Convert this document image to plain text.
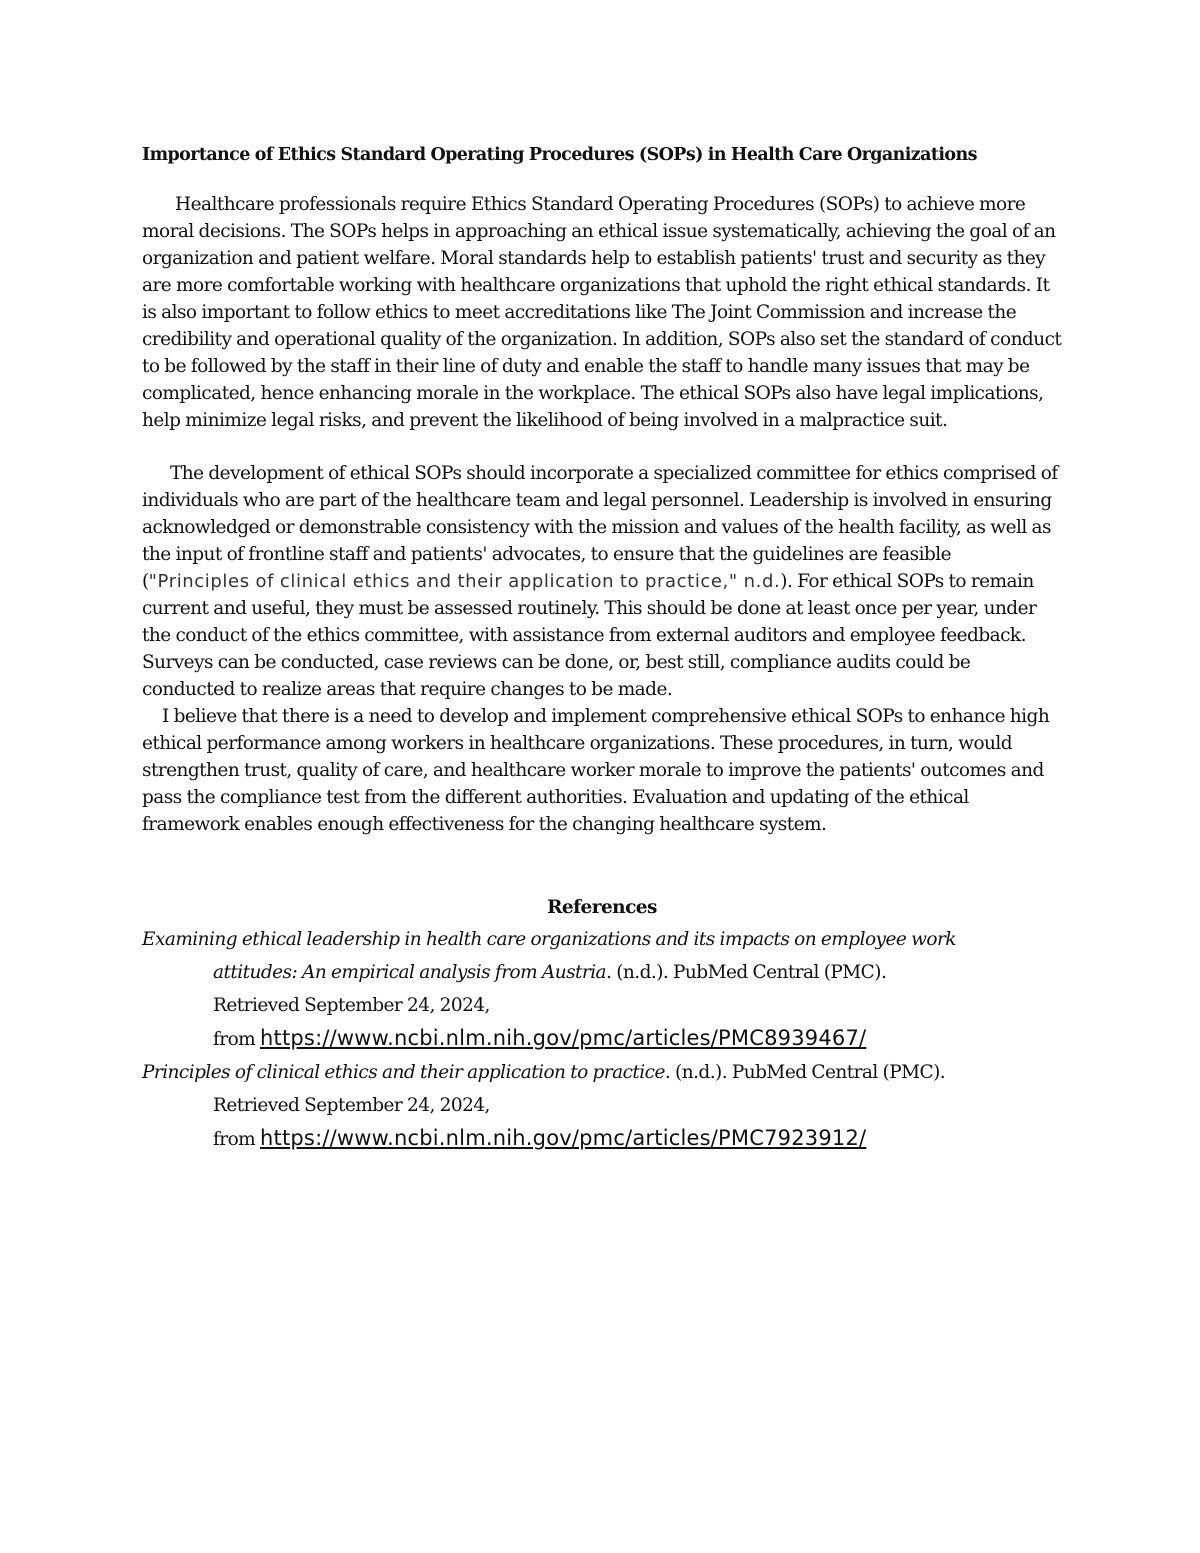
Importance of Ethics Standard Operating Procedures (SOPs) in Health Care Organizations

Healthcare professionals require Ethics Standard Operating Procedures (SOPs) to achieve more moral decisions. The SOPs helps in approaching an ethical issue systematically, achieving the goal of an organization and patient welfare. Moral standards help to establish patients' trust and security as they are more comfortable working with healthcare organizations that uphold the right ethical standards. It is also important to follow ethics to meet accreditations like The Joint Commission and increase the credibility and operational quality of the organization. In addition, SOPs also set the standard of conduct to be followed by the staff in their line of duty and enable the staff to handle many issues that may be complicated, hence enhancing morale in the workplace. The ethical SOPs also have legal implications, help minimize legal risks, and prevent the likelihood of being involved in a malpractice suit.

The development of ethical SOPs should incorporate a specialized committee for ethics comprised of individuals who are part of the healthcare team and legal personnel. Leadership is involved in ensuring acknowledged or demonstrable consistency with the mission and values of the health facility, as well as the input of frontline staff and patients' advocates, to ensure that the guidelines are feasible ("Principles of clinical ethics and their application to practice," n.d.). For ethical SOPs to remain current and useful, they must be assessed routinely. This should be done at least once per year, under the conduct of the ethics committee, with assistance from external auditors and employee feedback. Surveys can be conducted, case reviews can be done, or, best still, compliance audits could be conducted to realize areas that require changes to be made.

I believe that there is a need to develop and implement comprehensive ethical SOPs to enhance high ethical performance among workers in healthcare organizations. These procedures, in turn, would strengthen trust, quality of care, and healthcare worker morale to improve the patients' outcomes and pass the compliance test from the different authorities. Evaluation and updating of the ethical framework enables enough effectiveness for the changing healthcare system.

References
Examining ethical leadership in health care organizations and its impacts on employee work
attitudes: An empirical analysis from Austria. (n.d.). PubMed Central (PMC).
Retrieved September 24, 2024,
from https://www.ncbi.nlm.nih.gov/pmc/articles/PMC8939467/
Principles of clinical ethics and their application to practice. (n.d.). PubMed Central (PMC).
Retrieved September 24, 2024,
from https://www.ncbi.nlm.nih.gov/pmc/articles/PMC7923912/
